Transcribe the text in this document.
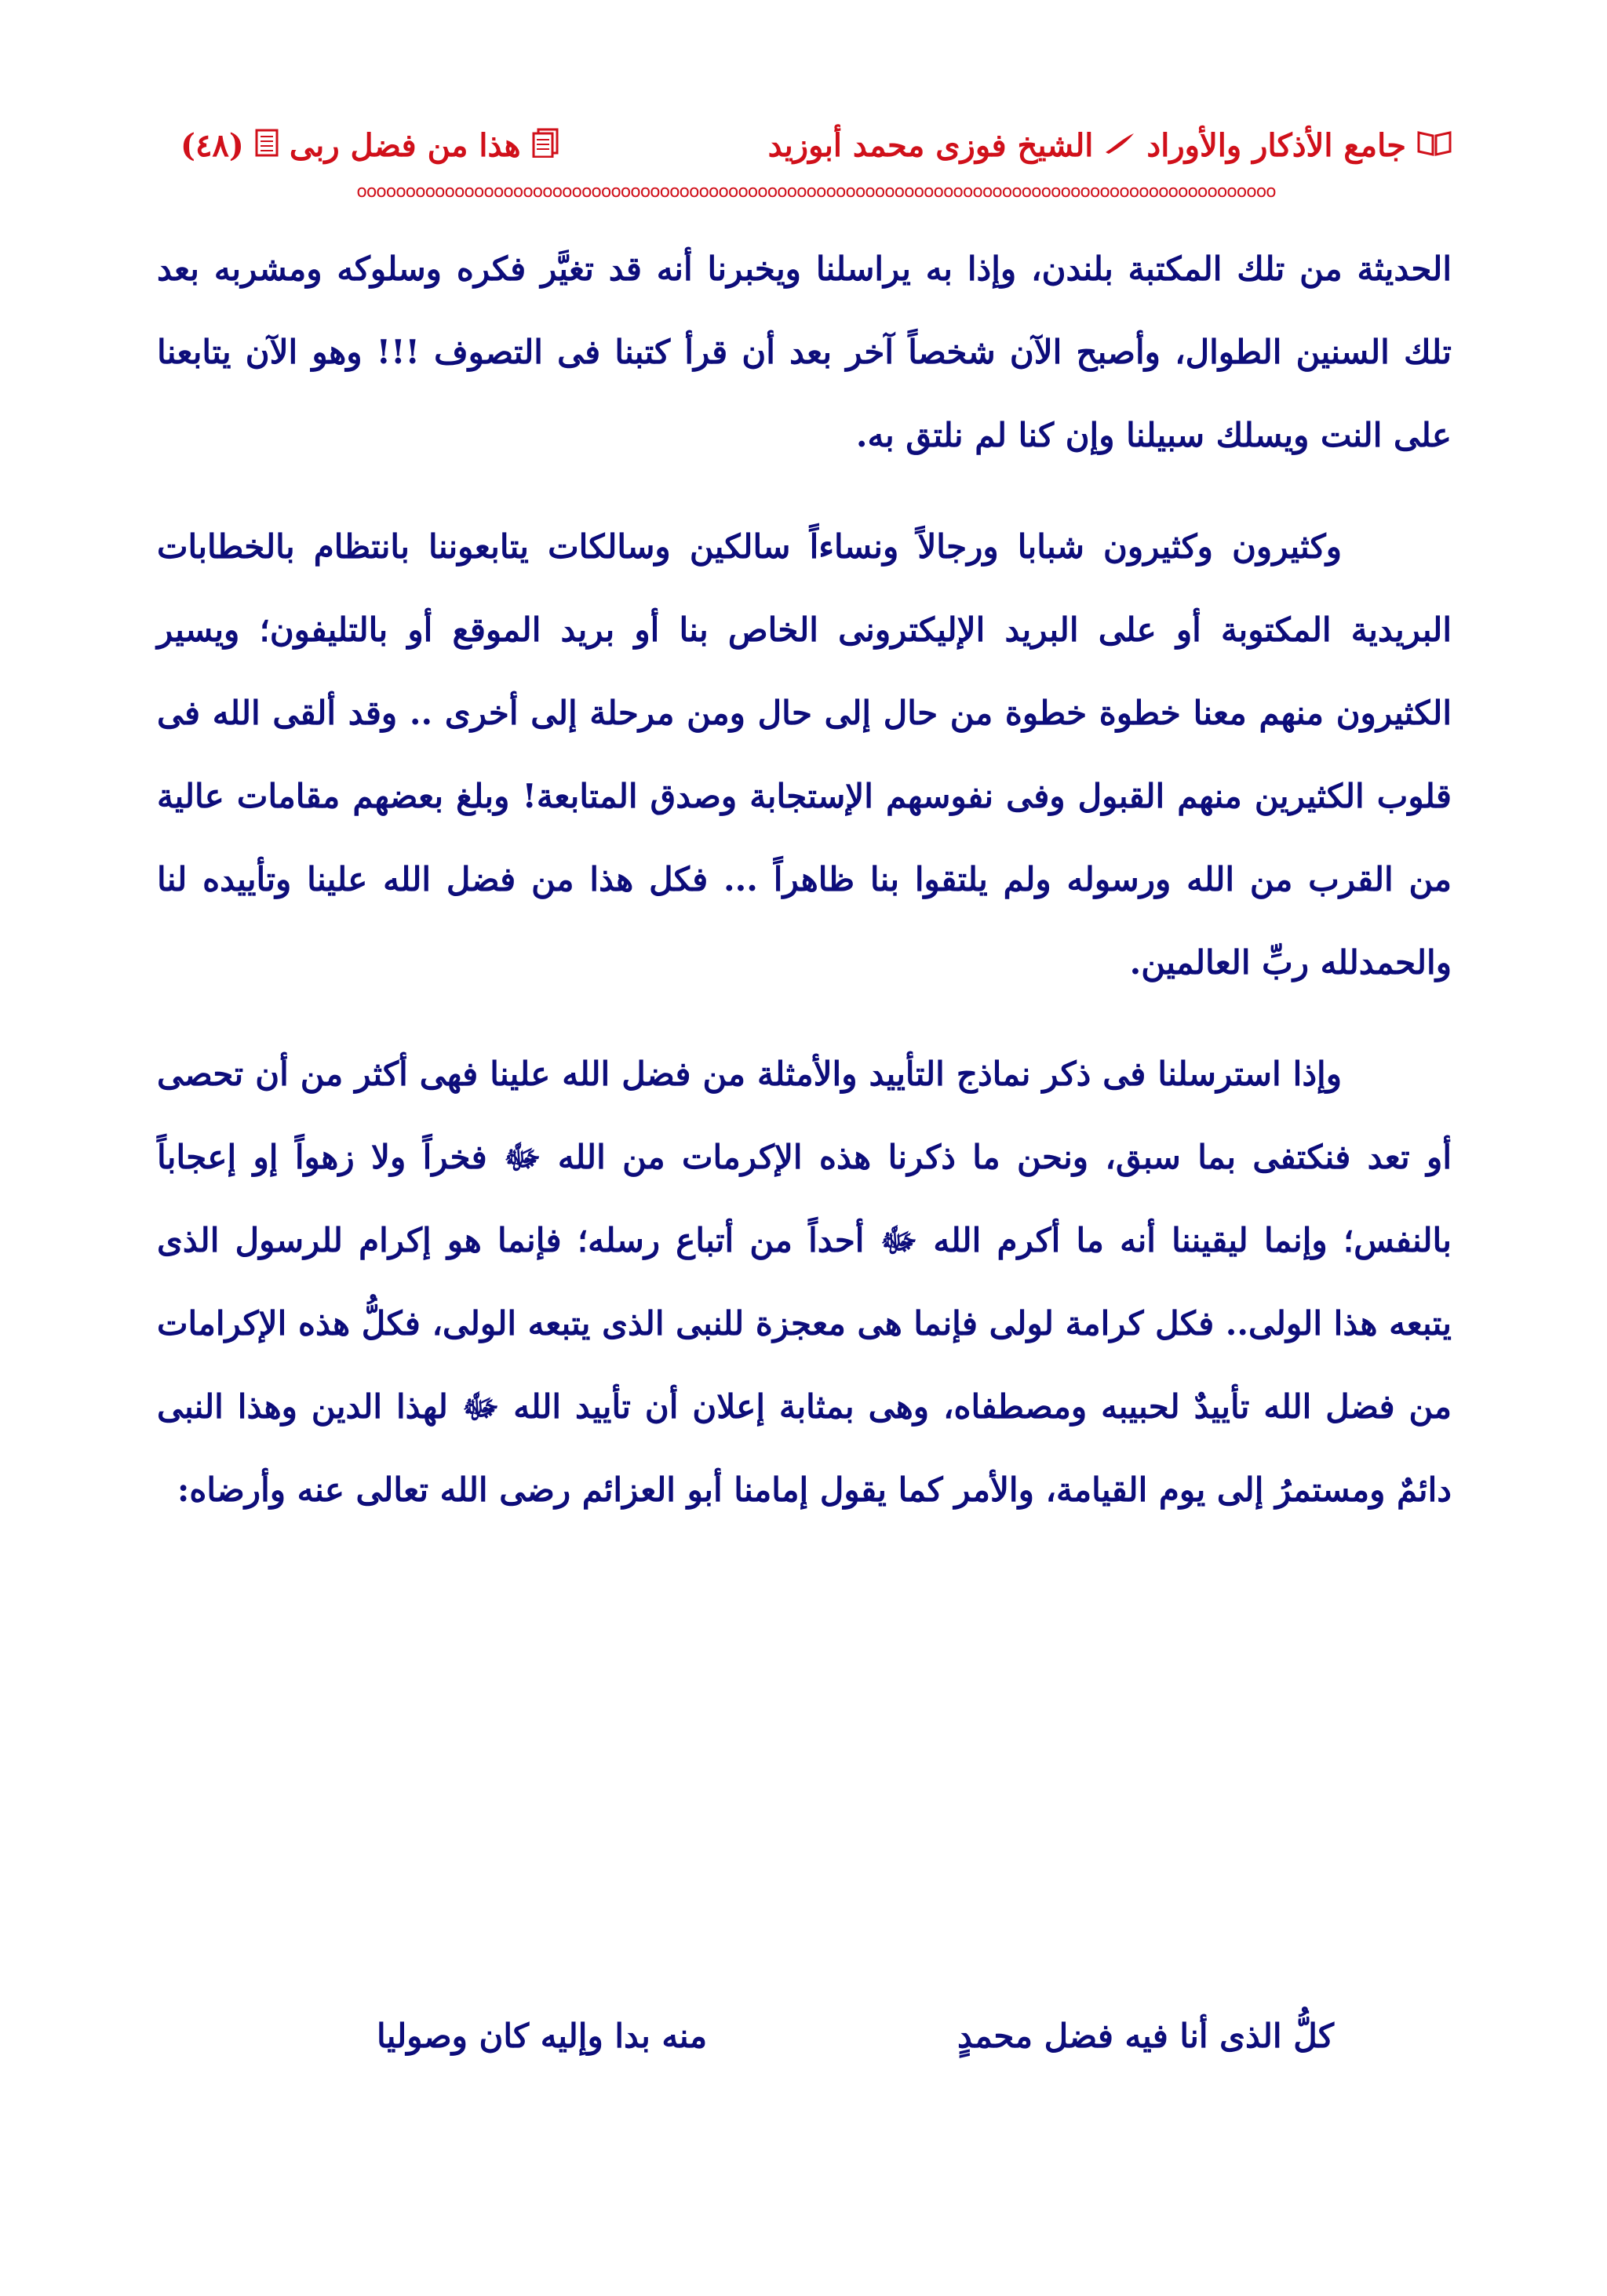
جامع الأذكار والأوراد
الشيخ فوزى محمد أبوزيد
هذا من فضل ربى
(٤٨)
oooooooooooooooooooooooooooooooooooooooooooooooooooooooooooooooooooooooooooooooooooooooooooooo

الحديثة من تلك المكتبة بلندن، وإذا به يراسلنا ويخبرنا أنه قد تغيَّر فكره وسلوكه ومشربه بعد تلك السنين الطوال، وأصبح الآن شخصاً آخر بعد أن قرأ كتبنا فى التصوف !!! وهو الآن يتابعنا على النت ويسلك سبيلنا وإن كنا لم نلتق به.

وكثيرون وكثيرون شبابا ورجالاً ونساءاً سالكين وسالكات يتابعوننا بانتظام بالخطابات البريدية المكتوبة أو على البريد الإليكترونى الخاص بنا أو بريد الموقع أو بالتليفون؛ ويسير الكثيرون منهم معنا خطوة خطوة من حال إلى حال ومن مرحلة إلى أخرى .. وقد ألقى الله فى قلوب الكثيرين منهم القبول وفى نفوسهم الإستجابة وصدق المتابعة! وبلغ بعضهم مقامات عالية من القرب من الله ورسوله ولم يلتقوا بنا ظاهراً ... فكل هذا من فضل الله علينا وتأييده لنا والحمدلله ربِّ العالمين.

وإذا استرسلنا فى ذكر نماذج التأييد والأمثلة من فضل الله علينا فهى أكثر من أن تحصى أو تعد فنكتفى بما سبق، ونحن ما ذكرنا هذه الإكرمات من الله ﷻ فخراً ولا زهواً إو إعجاباً بالنفس؛ وإنما ليقيننا أنه ما أكرم الله ﷻ أحداً من أتباع رسله؛ فإنما هو إكرام للرسول الذى يتبعه هذا الولى.. فكل كرامة لولى فإنما هى معجزة للنبى الذى يتبعه الولى، فكلُّ هذه الإكرامات من فضل الله تأييدٌ لحبيبه ومصطفاه، وهى بمثابة إعلان أن تأييد الله ﷻ لهذا الدين وهذا النبى دائمٌ ومستمرُ إلى يوم القيامة، والأمر كما يقول إمامنا أبو العزائم رضى الله تعالى عنه وأرضاه:

كلُّ الذى أنا فيه فضل محمدٍ
منه بدا وإليه كان وصوليا
